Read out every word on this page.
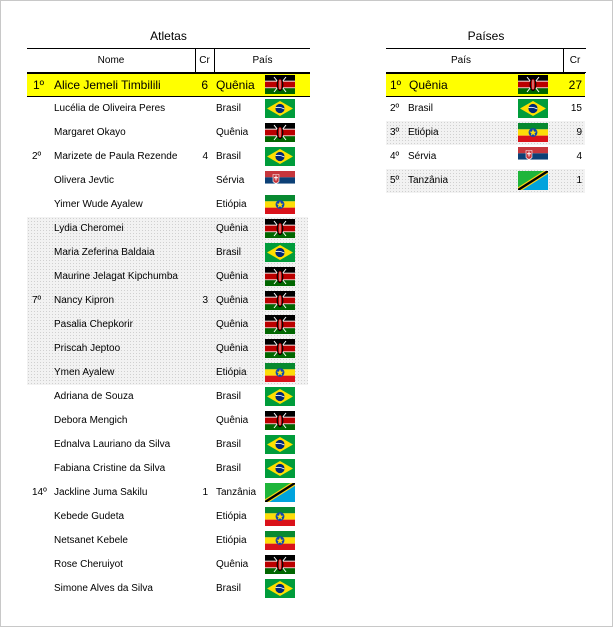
Atletas
Nome	Cr	País
1º Alice Jemeli Timbilili	6 Quênia
Lucélia de Oliveira Peres	Brasil
Margaret Okayo	Quênia
2º Marizete de Paula Rezende	4 Brasil
Olivera Jevtic	Sérvia
Yimer Wude Ayalew	Etiópia
Lydia Cheromei	Quênia
Maria Zeferina Baldaia	Brasil
Maurine Jelagat Kipchumba	Quênia
7º Nancy Kipron	3 Quênia
Pasalia Chepkorir	Quênia
Priscah Jeptoo	Quênia
Ymen Ayalew	Etiópia
Adriana de Souza	Brasil
Debora Mengich	Quênia
Ednalva Lauriano da Silva	Brasil
Fabiana Cristine da Silva	Brasil
14º Jackline Juma Sakilu	1 Tanzânia
Kebede Gudeta	Etiópia
Netsanet Kebele	Etiópia
Rose Cheruiyot	Quênia
Simone Alves da Silva	Brasil
Países
País	Cr
1º Quênia	27
2º Brasil	15
3º Etiópia	9
4º Sérvia	4
5º Tanzânia	1
